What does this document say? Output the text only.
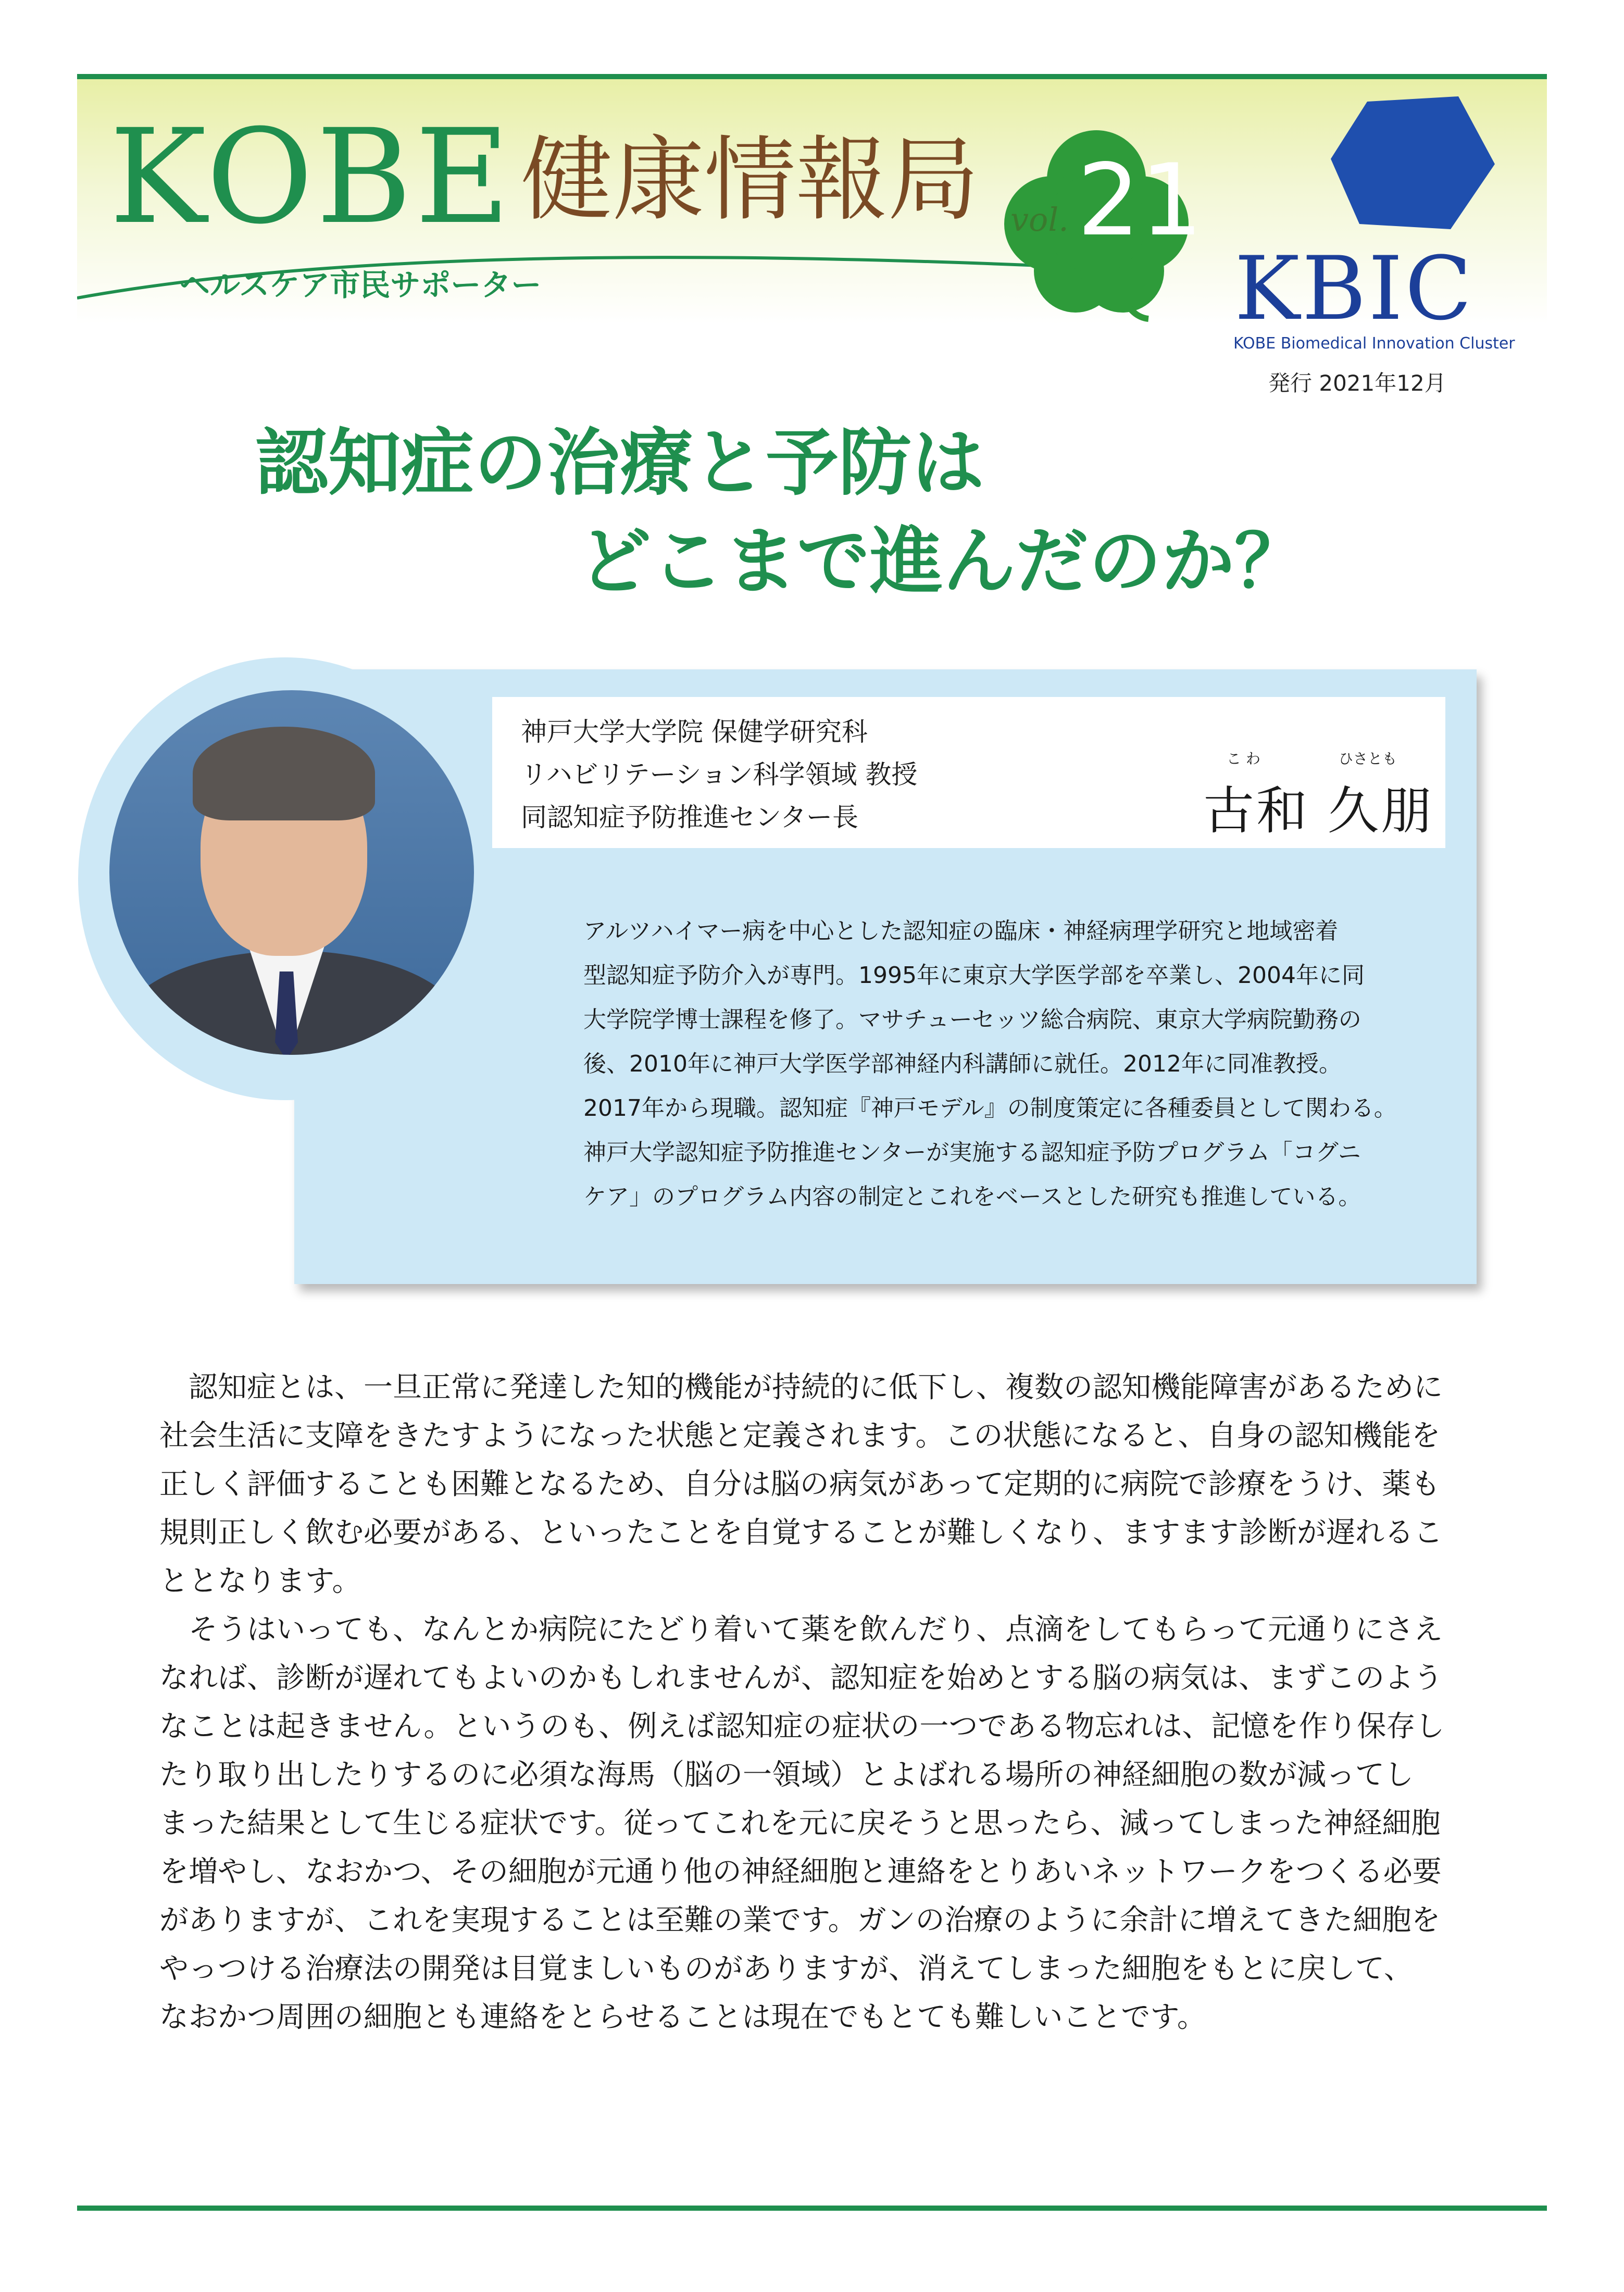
KOBE 健康情報局
ヘルスケア市民サポーター
vol. 21
KBIC
KOBE Biomedical Innovation Cluster
発行 2021年12月
認知症の治療と予防は
どこまで進んだのか？
神戸大学大学院 保健学研究科
リハビリテーション科学領域 教授
同認知症予防推進センター長
こ わ	ひさとも
古和 久朋

アルツハイマー病を中心とした認知症の臨床・神経病理学研究と地域密着

型認知症予防介入が専門。1995年に東京大学医学部を卒業し、2004年に同

大学院学博士課程を修了。マサチューセッツ総合病院、東京大学病院勤務の

後、2010年に神戸大学医学部神経内科講師に就任。2012年に同准教授。

2017年から現職。認知症『神戸モデル』の制度策定に各種委員として関わる。

神戸大学認知症予防推進センターが実施する認知症予防プログラム「コグニ

ケア」のプログラム内容の制定とこれをベースとした研究も推進している。

　認知症とは、一旦正常に発達した知的機能が持続的に低下し、複数の認知機能障害があるために

社会生活に支障をきたすようになった状態と定義されます。この状態になると、自身の認知機能を

正しく評価することも困難となるため、自分は脳の病気があって定期的に病院で診療をうけ、薬も

規則正しく飲む必要がある、といったことを自覚することが難しくなり、ますます診断が遅れるこ

ととなります。

　そうはいっても、なんとか病院にたどり着いて薬を飲んだり、点滴をしてもらって元通りにさえ

なれば、診断が遅れてもよいのかもしれませんが、認知症を始めとする脳の病気は、まずこのよう

なことは起きません。というのも、例えば認知症の症状の一つである物忘れは、記憶を作り保存し

たり取り出したりするのに必須な海馬（脳の一領域）とよばれる場所の神経細胞の数が減ってし

まった結果として生じる症状です。従ってこれを元に戻そうと思ったら、減ってしまった神経細胞

を増やし、なおかつ、その細胞が元通り他の神経細胞と連絡をとりあいネットワークをつくる必要

がありますが、これを実現することは至難の業です。ガンの治療のように余計に増えてきた細胞を

やっつける治療法の開発は目覚ましいものがありますが、消えてしまった細胞をもとに戻して、

なおかつ周囲の細胞とも連絡をとらせることは現在でもとても難しいことです。
